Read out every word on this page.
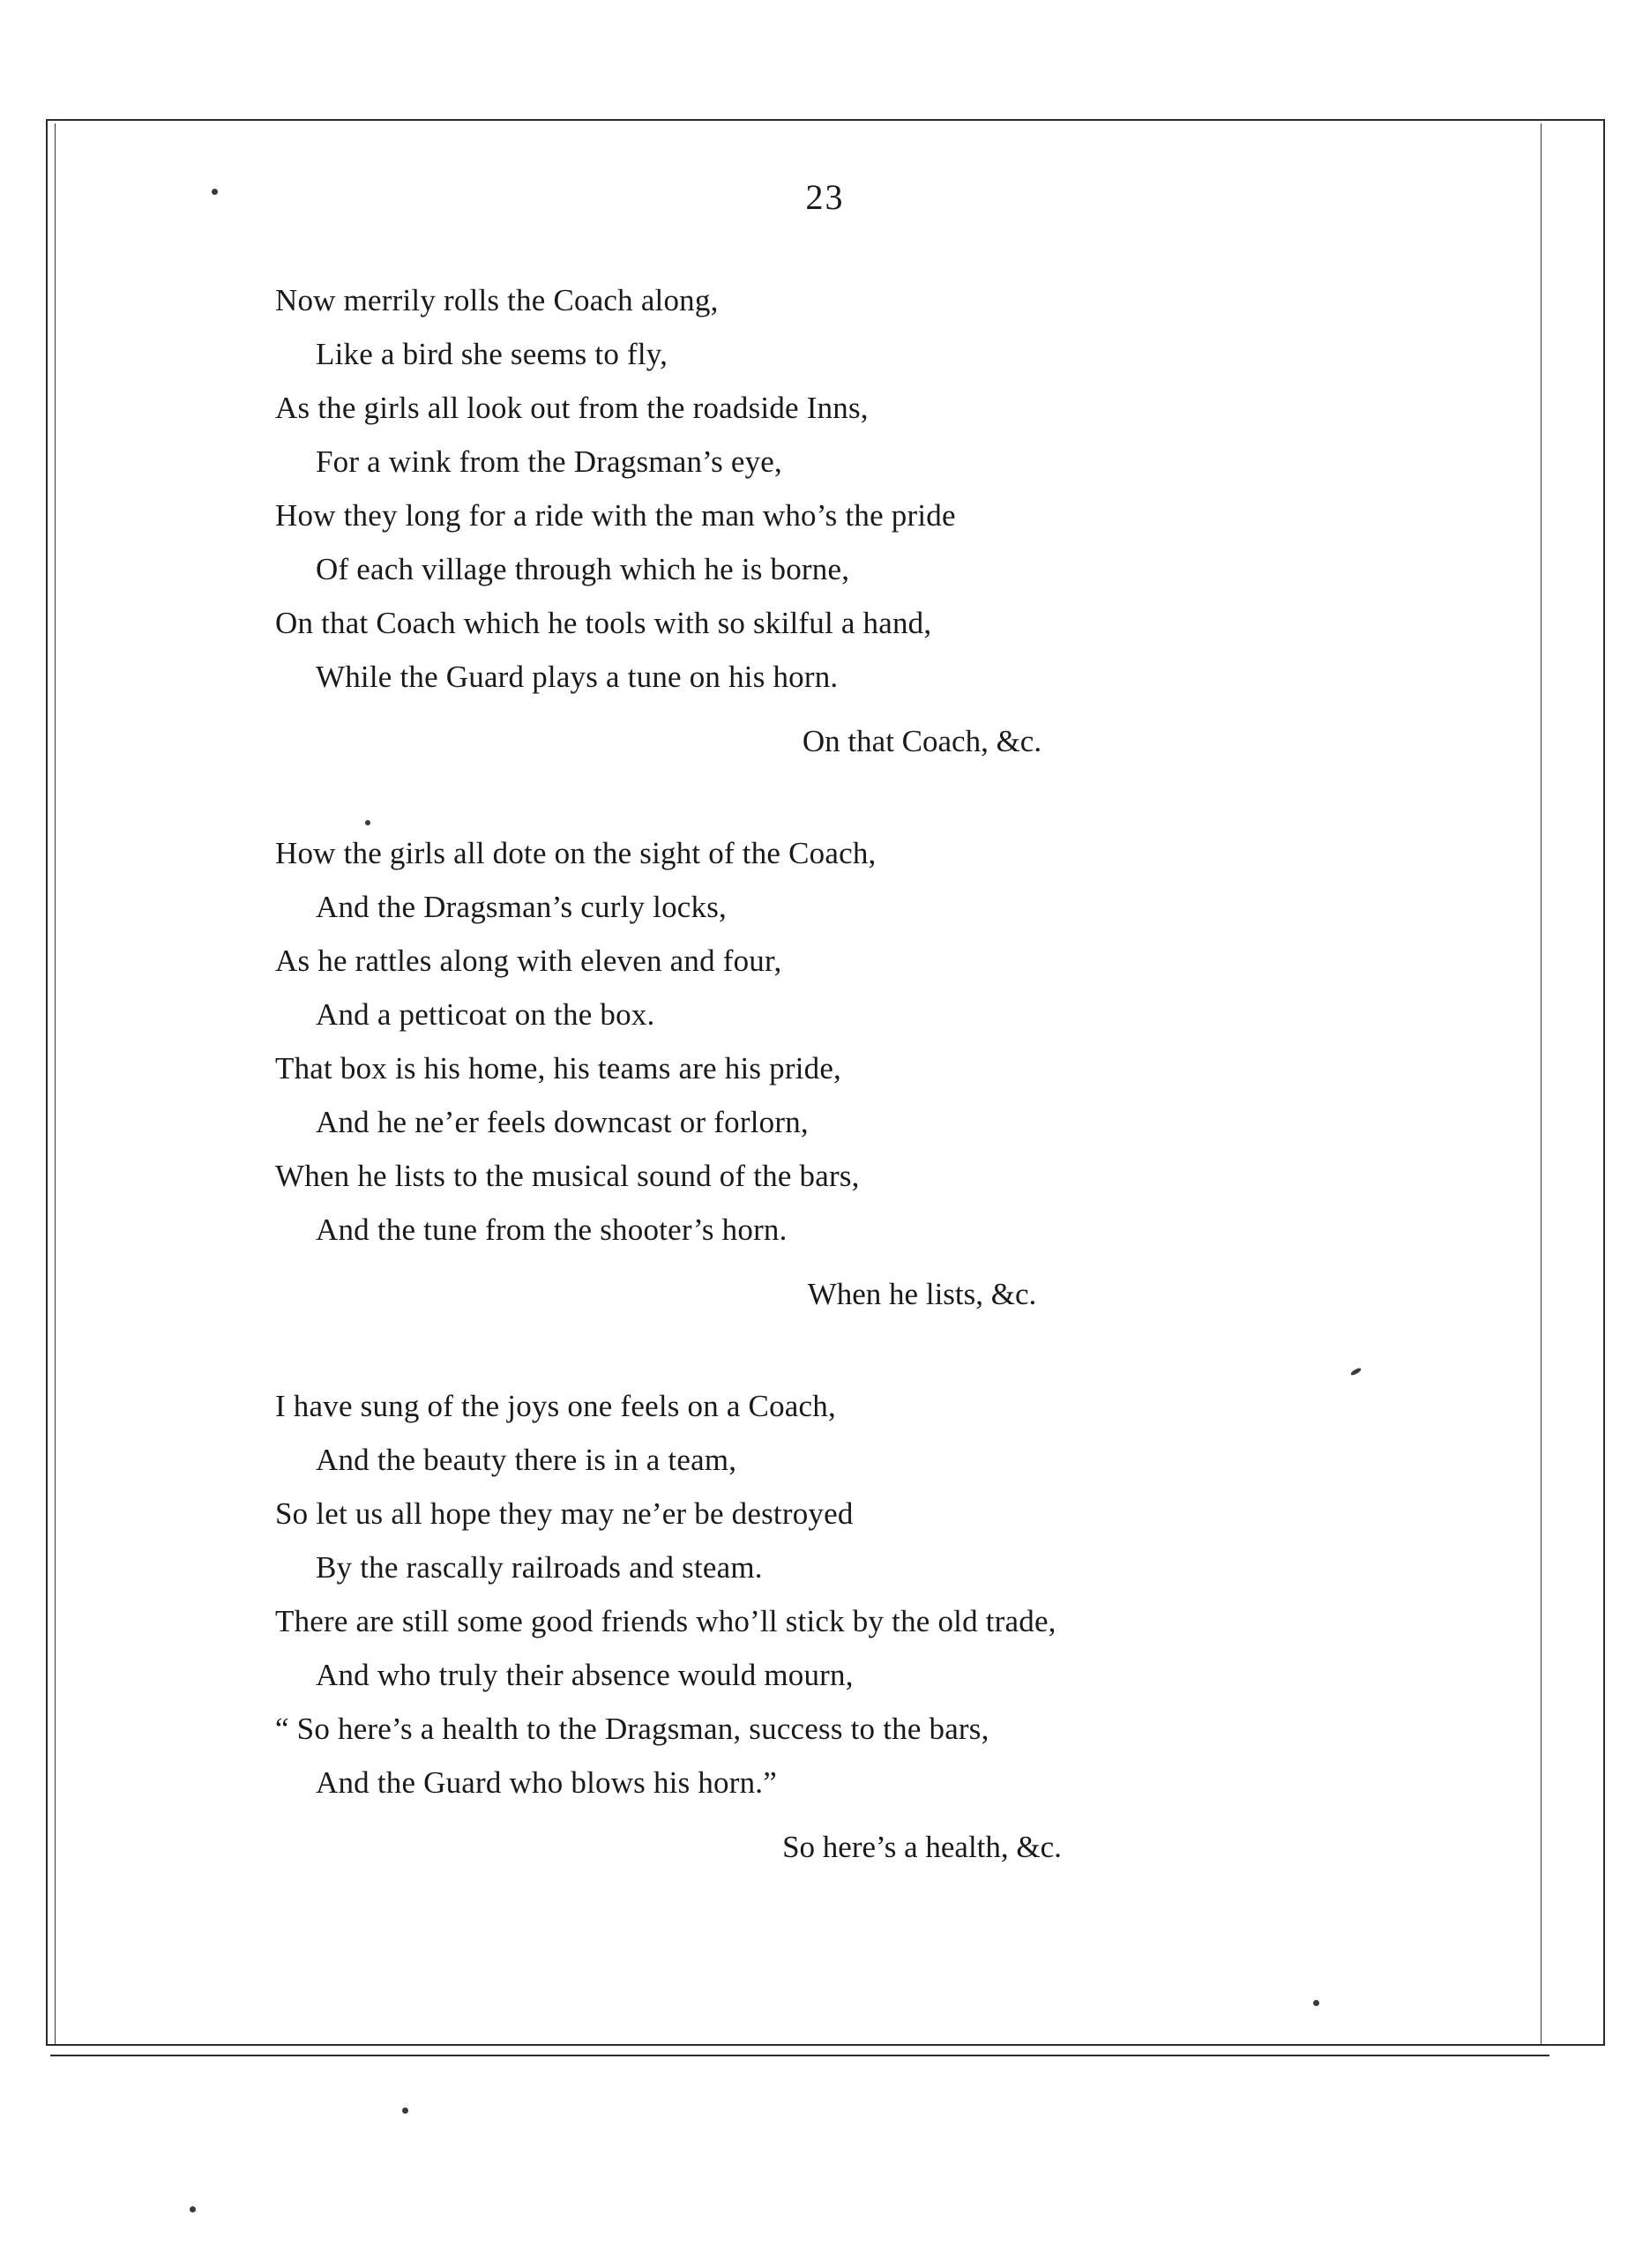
23
Now merrily rolls the Coach along,
Like a bird she seems to fly,
As the girls all look out from the roadside Inns,
For a wink from the Dragsman’s eye,
How they long for a ride with the man who’s the pride
Of each village through which he is borne,
On that Coach which he tools with so skilful a hand,
While the Guard plays a tune on his horn.
On that Coach, &c.
How the girls all dote on the sight of the Coach,
And the Dragsman’s curly locks,
As he rattles along with eleven and four,
And a petticoat on the box.
That box is his home, his teams are his pride,
And he ne’er feels downcast or forlorn,
When he lists to the musical sound of the bars,
And the tune from the shooter’s horn.
When he lists, &c.
I have sung of the joys one feels on a Coach,
And the beauty there is in a team,
So let us all hope they may ne’er be destroyed
By the rascally railroads and steam.
There are still some good friends who’ll stick by the old trade,
And who truly their absence would mourn,
“ So here’s a health to the Dragsman, success to the bars,
And the Guard who blows his horn.”
So here’s a health, &c.
